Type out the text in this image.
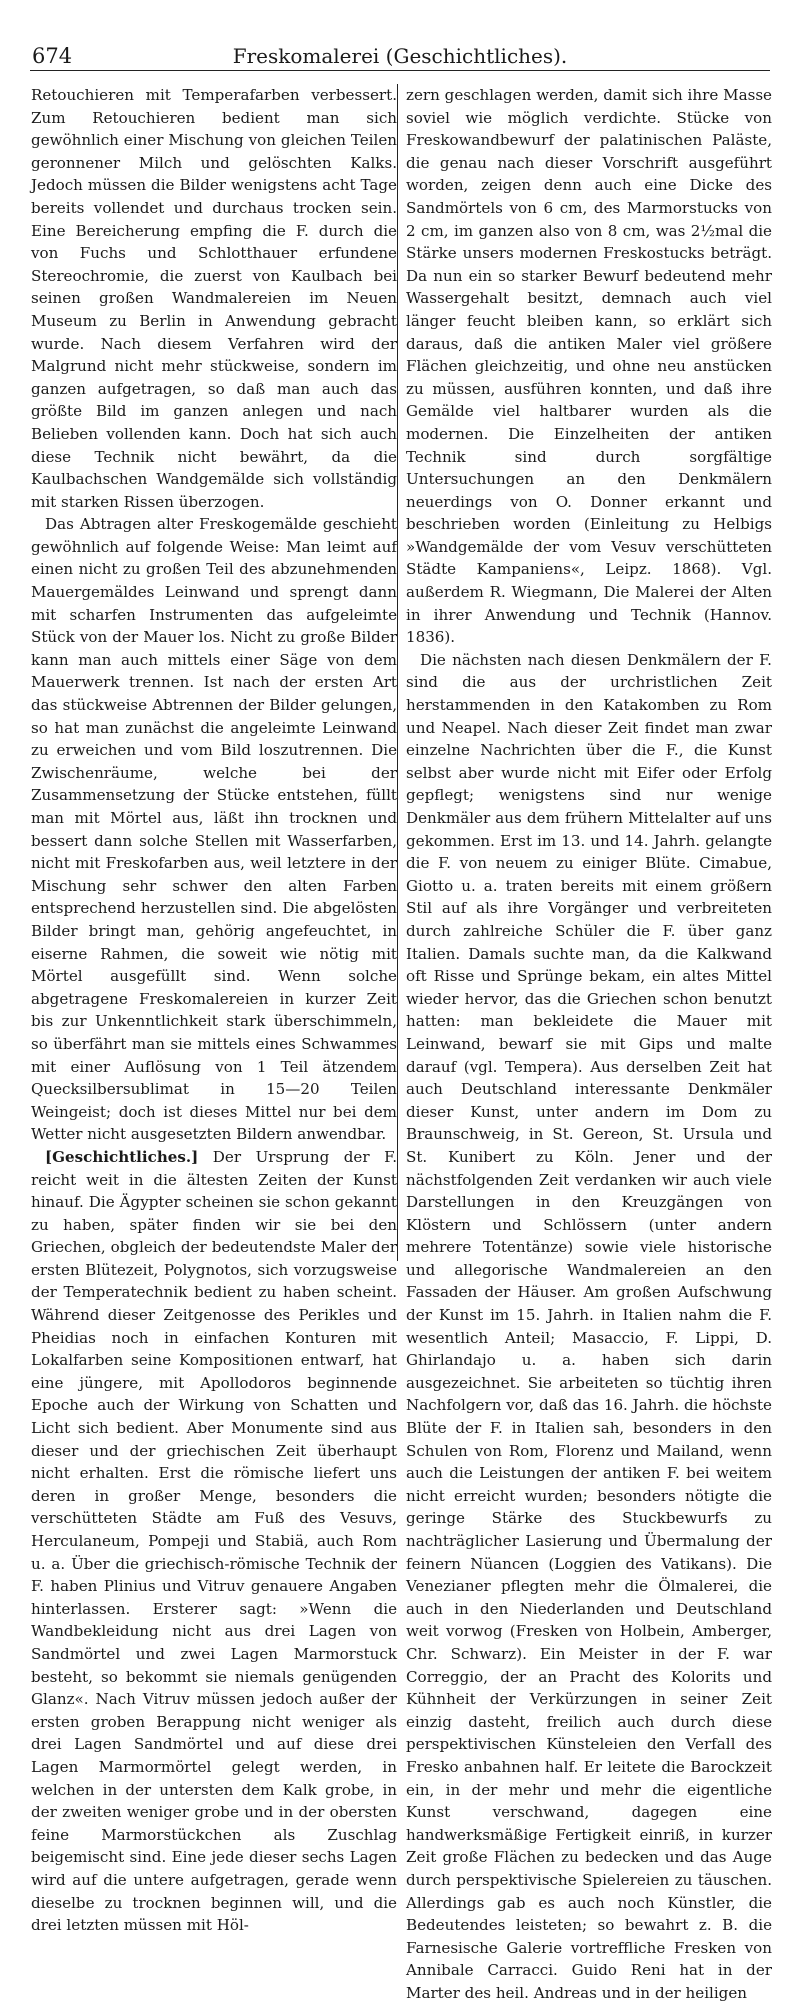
674	Freskomalerei (Geschichtliches).

Retouchieren mit Temperafarben verbessert. Zum Retouchieren bedient man sich gewöhnlich einer Mischung von gleichen Teilen geronnener Milch und gelöschten Kalks. Jedoch müssen die Bilder wenigstens acht Tage bereits vollendet und durchaus trocken sein. Eine Bereicherung empfing die F. durch die von Fuchs und Schlotthauer erfundene Stereochromie, die zuerst von Kaulbach bei seinen großen Wandmalereien im Neuen Museum zu Berlin in Anwendung gebracht wurde. Nach diesem Verfahren wird der Malgrund nicht mehr stückweise, sondern im ganzen aufgetragen, so daß man auch das größte Bild im ganzen anlegen und nach Belieben vollenden kann. Doch hat sich auch diese Technik nicht bewährt, da die Kaulbachschen Wandgemälde sich vollständig mit starken Rissen überzogen.

Das Abtragen alter Freskogemälde geschieht gewöhnlich auf folgende Weise: Man leimt auf einen nicht zu großen Teil des abzunehmenden Mauergemäldes Leinwand und sprengt dann mit scharfen Instrumenten das aufgeleimte Stück von der Mauer los. Nicht zu große Bilder kann man auch mittels einer Säge von dem Mauerwerk trennen. Ist nach der ersten Art das stückweise Abtrennen der Bilder gelungen, so hat man zunächst die angeleimte Leinwand zu erweichen und vom Bild loszutrennen. Die Zwischenräume, welche bei der Zusammensetzung der Stücke entstehen, füllt man mit Mörtel aus, läßt ihn trocknen und bessert dann solche Stellen mit Wasserfarben, nicht mit Freskofarben aus, weil letztere in der Mischung sehr schwer den alten Farben entsprechend herzustellen sind. Die abgelösten Bilder bringt man, gehörig angefeuchtet, in eiserne Rahmen, die soweit wie nötig mit Mörtel ausgefüllt sind. Wenn solche abgetragene Freskomalereien in kurzer Zeit bis zur Unkenntlichkeit stark überschimmeln, so überfährt man sie mittels eines Schwammes mit einer Auflösung von 1 Teil ätzendem Quecksilbersublimat in 15—20 Teilen Weingeist; doch ist dieses Mittel nur bei dem Wetter nicht ausgesetzten Bildern anwendbar.

[Geschichtliches.] Der Ursprung der F. reicht weit in die ältesten Zeiten der Kunst hinauf. Die Ägypter scheinen sie schon gekannt zu haben, später finden wir sie bei den Griechen, obgleich der bedeutendste Maler der ersten Blütezeit, Polygnotos, sich vorzugsweise der Temperatechnik bedient zu haben scheint. Während dieser Zeitgenosse des Perikles und Pheidias noch in einfachen Konturen mit Lokalfarben seine Kompositionen entwarf, hat eine jüngere, mit Apollodoros beginnende Epoche auch der Wirkung von Schatten und Licht sich bedient. Aber Monumente sind aus dieser und der griechischen Zeit überhaupt nicht erhalten. Erst die römische liefert uns deren in großer Menge, besonders die verschütteten Städte am Fuß des Vesuvs, Herculaneum, Pompeji und Stabiä, auch Rom u. a. Über die griechisch-römische Technik der F. haben Plinius und Vitruv genauere Angaben hinterlassen. Ersterer sagt: »Wenn die Wandbekleidung nicht aus drei Lagen von Sandmörtel und zwei Lagen Marmorstuck besteht, so bekommt sie niemals genügenden Glanz«. Nach Vitruv müssen jedoch außer der ersten groben Berappung nicht weniger als drei Lagen Sandmörtel und auf diese drei Lagen Marmormörtel gelegt werden, in welchen in der untersten dem Kalk grobe, in der zweiten weniger grobe und in der obersten feine Marmorstückchen als Zuschlag beigemischt sind. Eine jede dieser sechs Lagen wird auf die untere aufgetragen, gerade wenn dieselbe zu trocknen beginnen will, und die drei letzten müssen mit Höl-

zern geschlagen werden, damit sich ihre Masse soviel wie möglich verdichte. Stücke von Freskowandbewurf der palatinischen Paläste, die genau nach dieser Vorschrift ausgeführt worden, zeigen denn auch eine Dicke des Sandmörtels von 6 cm, des Marmorstucks von 2 cm, im ganzen also von 8 cm, was 2½mal die Stärke unsers modernen Freskostucks beträgt. Da nun ein so starker Bewurf bedeutend mehr Wassergehalt besitzt, demnach auch viel länger feucht bleiben kann, so erklärt sich daraus, daß die antiken Maler viel größere Flächen gleichzeitig, und ohne neu anstücken zu müssen, ausführen konnten, und daß ihre Gemälde viel haltbarer wurden als die modernen. Die Einzelheiten der antiken Technik sind durch sorgfältige Untersuchungen an den Denkmälern neuerdings von O. Donner erkannt und beschrieben worden (Einleitung zu Helbigs »Wandgemälde der vom Vesuv verschütteten Städte Kampaniens«, Leipz. 1868). Vgl. außerdem R. Wiegmann, Die Malerei der Alten in ihrer Anwendung und Technik (Hannov. 1836).

Die nächsten nach diesen Denkmälern der F. sind die aus der urchristlichen Zeit herstammenden in den Katakomben zu Rom und Neapel. Nach dieser Zeit findet man zwar einzelne Nachrichten über die F., die Kunst selbst aber wurde nicht mit Eifer oder Erfolg gepflegt; wenigstens sind nur wenige Denkmäler aus dem frühern Mittelalter auf uns gekommen. Erst im 13. und 14. Jahrh. gelangte die F. von neuem zu einiger Blüte. Cimabue, Giotto u. a. traten bereits mit einem größern Stil auf als ihre Vorgänger und verbreiteten durch zahlreiche Schüler die F. über ganz Italien. Damals suchte man, da die Kalkwand oft Risse und Sprünge bekam, ein altes Mittel wieder hervor, das die Griechen schon benutzt hatten: man bekleidete die Mauer mit Leinwand, bewarf sie mit Gips und malte darauf (vgl. Tempera). Aus derselben Zeit hat auch Deutschland interessante Denkmäler dieser Kunst, unter andern im Dom zu Braunschweig, in St. Gereon, St. Ursula und St. Kunibert zu Köln. Jener und der nächstfolgenden Zeit verdanken wir auch viele Darstellungen in den Kreuzgängen von Klöstern und Schlössern (unter andern mehrere Totentänze) sowie viele historische und allegorische Wandmalereien an den Fassaden der Häuser. Am großen Aufschwung der Kunst im 15. Jahrh. in Italien nahm die F. wesentlich Anteil; Masaccio, F. Lippi, D. Ghirlandajo u. a. haben sich darin ausgezeichnet. Sie arbeiteten so tüchtig ihren Nachfolgern vor, daß das 16. Jahrh. die höchste Blüte der F. in Italien sah, besonders in den Schulen von Rom, Florenz und Mailand, wenn auch die Leistungen der antiken F. bei weitem nicht erreicht wurden; besonders nötigte die geringe Stärke des Stuckbewurfs zu nachträglicher Lasierung und Übermalung der feinern Nüancen (Loggien des Vatikans). Die Venezianer pflegten mehr die Ölmalerei, die auch in den Niederlanden und Deutschland weit vorwog (Fresken von Holbein, Amberger, Chr. Schwarz). Ein Meister in der F. war Correggio, der an Pracht des Kolorits und Kühnheit der Verkürzungen in seiner Zeit einzig dasteht, freilich auch durch diese perspektivischen Künsteleien den Verfall des Fresko anbahnen half. Er leitete die Barockzeit ein, in der mehr und mehr die eigentliche Kunst verschwand, dagegen eine handwerksmäßige Fertigkeit einriß, in kurzer Zeit große Flächen zu bedecken und das Auge durch perspektivische Spielereien zu täuschen. Allerdings gab es auch noch Künstler, die Bedeutendes leisteten; so bewahrt z. B. die Farnesische Galerie vortreffliche Fresken von Annibale Carracci. Guido Reni hat in der Marter des heil. Andreas und in der heiligen
